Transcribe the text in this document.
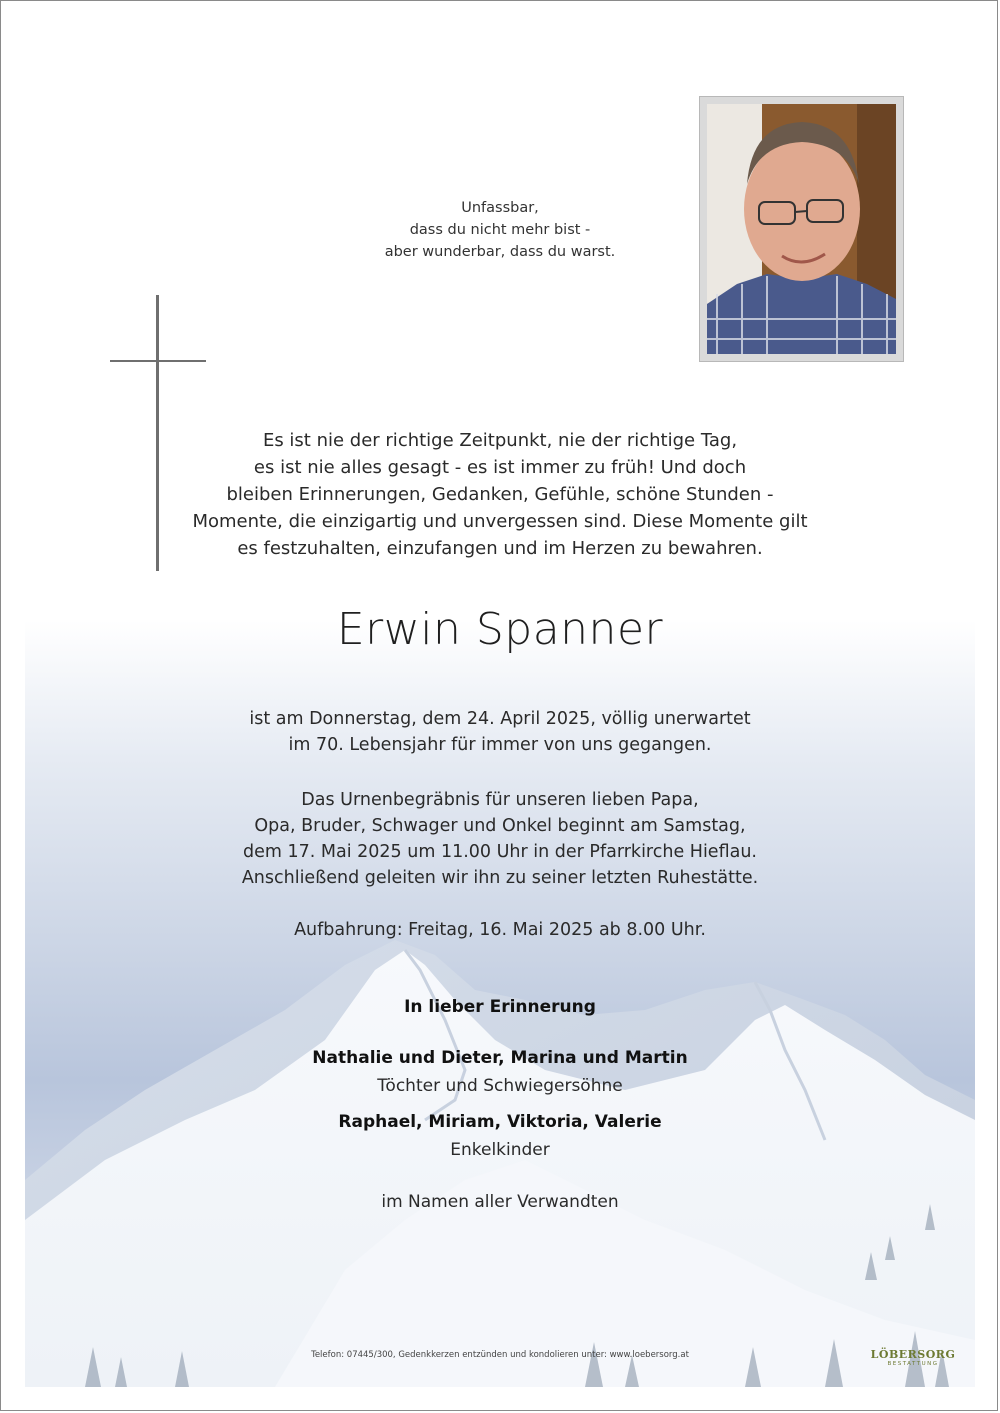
Unfassbar,
dass du nicht mehr bist -
aber wunderbar, dass du warst.
Es ist nie der richtige Zeitpunkt, nie der richtige Tag,
es ist nie alles gesagt - es ist immer zu früh! Und doch
bleiben Erinnerungen, Gedanken, Gefühle, schöne Stunden -
Momente, die einzigartig und unvergessen sind. Diese Momente gilt
es festzuhalten, einzufangen und im Herzen zu bewahren.
Erwin Spanner
ist am Donnerstag, dem 24. April 2025, völlig unerwartet
im 70. Lebensjahr für immer von uns gegangen.
Das Urnenbegräbnis für unseren lieben Papa,
Opa, Bruder, Schwager und Onkel beginnt am Samstag,
dem 17. Mai 2025 um 11.00 Uhr in der Pfarrkirche Hieflau.
Anschließend geleiten wir ihn zu seiner letzten Ruhestätte.
Aufbahrung: Freitag, 16. Mai 2025 ab 8.00 Uhr.
In lieber Erinnerung
Nathalie und Dieter, Marina und Martin
Töchter und Schwiegersöhne
Raphael, Miriam, Viktoria, Valerie
Enkelkinder
im Namen aller Verwandten
Telefon: 07445/300, Gedenkkerzen entzünden und kondolieren unter: www.loebersorg.at	LÖBERSORG
BESTATTUNG
